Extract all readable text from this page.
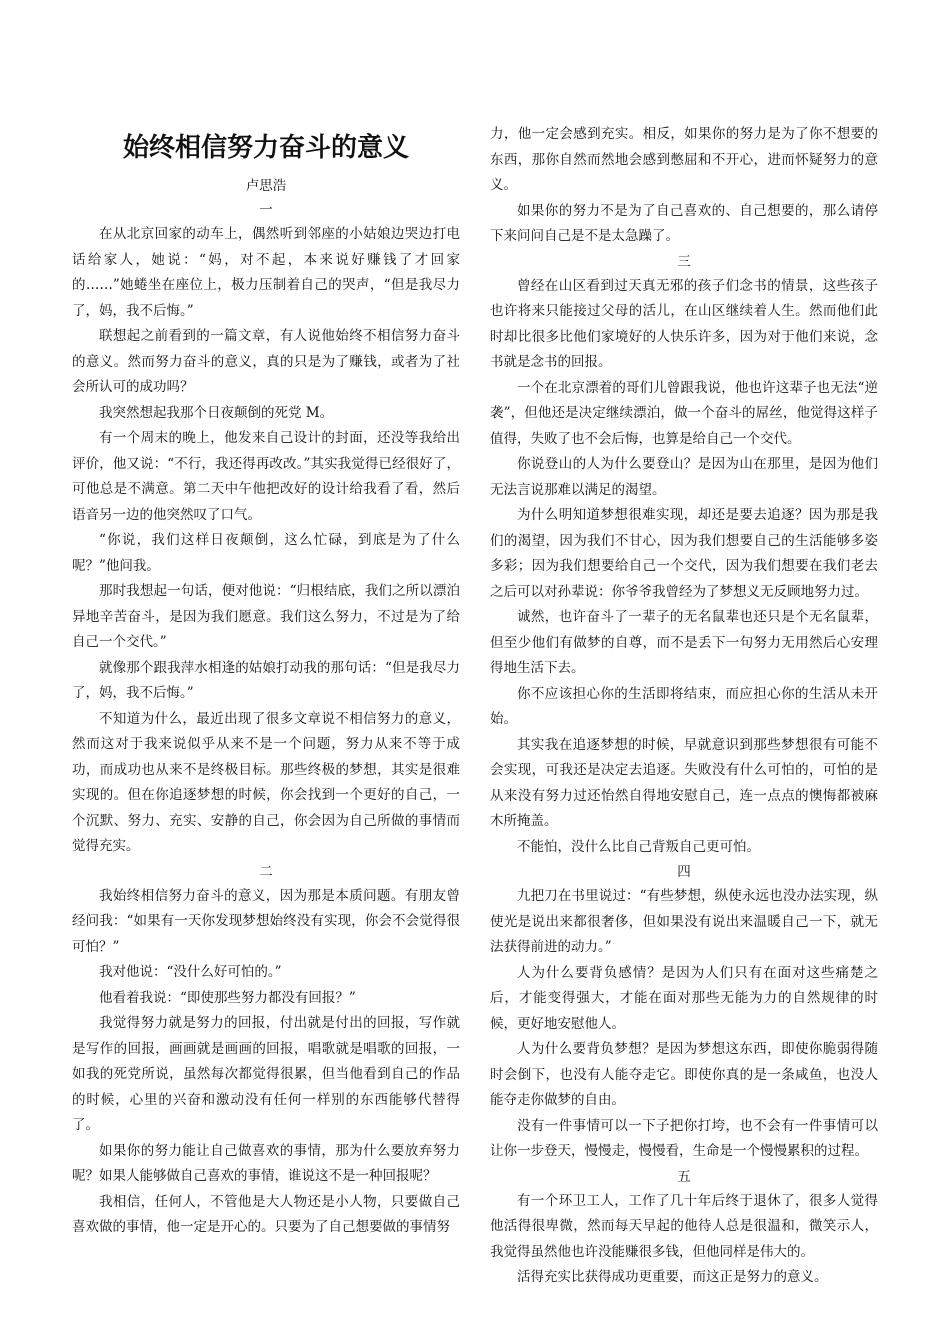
始终相信努力奋斗的意义

卢思浩

一

在从北京回家的动车上，偶然听到邻座的小姑娘边哭边打电话给家人，她说：“妈，对不起，本来说好赚钱了才回家的……”她蜷坐在座位上，极力压制着自己的哭声，“但是我尽力了，妈，我不后悔。”

联想起之前看到的一篇文章，有人说他始终不相信努力奋斗的意义。然而努力奋斗的意义，真的只是为了赚钱，或者为了社会所认可的成功吗？

我突然想起我那个日夜颠倒的死党 M。

有一个周末的晚上，他发来自己设计的封面，还没等我给出评价，他又说：“不行，我还得再改改。”其实我觉得已经很好了，可他总是不满意。第二天中午他把改好的设计给我看了看，然后语音另一边的他突然叹了口气。

“你说，我们这样日夜颠倒，这么忙碌，到底是为了什么呢？”他问我。

那时我想起一句话，便对他说：“归根结底，我们之所以漂泊异地辛苦奋斗，是因为我们愿意。我们这么努力，不过是为了给自己一个交代。”

就像那个跟我萍水相逢的姑娘打动我的那句话：“但是我尽力了，妈，我不后悔。”

不知道为什么，最近出现了很多文章说不相信努力的意义，然而这对于我来说似乎从来不是一个问题，努力从来不等于成功，而成功也从来不是终极目标。那些终极的梦想，其实是很难实现的。但在你追逐梦想的时候，你会找到一个更好的自己，一个沉默、努力、充实、安静的自己，你会因为自己所做的事情而觉得充实。

二

我始终相信努力奋斗的意义，因为那是本质问题。有朋友曾经问我：“如果有一天你发现梦想始终没有实现，你会不会觉得很可怕？”

我对他说：“没什么好可怕的。”

他看着我说：“即使那些努力都没有回报？”

我觉得努力就是努力的回报，付出就是付出的回报，写作就是写作的回报，画画就是画画的回报，唱歌就是唱歌的回报，一如我的死党所说，虽然每次都觉得很累，但当他看到自己的作品的时候，心里的兴奋和激动没有任何一样别的东西能够代替得了。

如果你的努力能让自己做喜欢的事情，那为什么要放弃努力呢？如果人能够做自己喜欢的事情，谁说这不是一种回报呢？

我相信，任何人，不管他是大人物还是小人物，只要做自己喜欢做的事情，他一定是开心的。只要为了自己想要做的事情努

力，他一定会感到充实。相反，如果你的努力是为了你不想要的东西，那你自然而然地会感到憋屈和不开心，进而怀疑努力的意义。

如果你的努力不是为了自己喜欢的、自己想要的，那么请停下来问问自己是不是太急躁了。

三

曾经在山区看到过天真无邪的孩子们念书的情景，这些孩子也许将来只能接过父母的活儿，在山区继续着人生。然而他们此时却比很多比他们家境好的人快乐许多，因为对于他们来说，念书就是念书的回报。

一个在北京漂着的哥们儿曾跟我说，他也许这辈子也无法“逆袭”，但他还是决定继续漂泊，做一个奋斗的屌丝，他觉得这样子值得，失败了也不会后悔，也算是给自己一个交代。

你说登山的人为什么要登山？是因为山在那里，是因为他们无法言说那难以满足的渴望。

为什么明知道梦想很难实现，却还是要去追逐？因为那是我们的渴望，因为我们不甘心，因为我们想要自己的生活能够多姿多彩；因为我们想要给自己一个交代，因为我们想要在我们老去之后可以对孙辈说：你爷爷我曾经为了梦想义无反顾地努力过。

诚然，也许奋斗了一辈子的无名鼠辈也还只是个无名鼠辈，但至少他们有做梦的自尊，而不是丢下一句努力无用然后心安理得地生活下去。

你不应该担心你的生活即将结束，而应担心你的生活从未开始。

其实我在追逐梦想的时候，早就意识到那些梦想很有可能不会实现，可我还是决定去追逐。失败没有什么可怕的，可怕的是从来没有努力过还怡然自得地安慰自己，连一点点的懊悔都被麻木所掩盖。

不能怕，没什么比自己背叛自己更可怕。

四

九把刀在书里说过：“有些梦想，纵使永远也没办法实现，纵使光是说出来都很奢侈，但如果没有说出来温暖自己一下，就无法获得前进的动力。”

人为什么要背负感情？是因为人们只有在面对这些痛楚之后，才能变得强大，才能在面对那些无能为力的自然规律的时候，更好地安慰他人。

人为什么要背负梦想？是因为梦想这东西，即使你脆弱得随时会倒下，也没有人能夺走它。即使你真的是一条咸鱼，也没人能夺走你做梦的自由。

没有一件事情可以一下子把你打垮，也不会有一件事情可以让你一步登天，慢慢走，慢慢看，生命是一个慢慢累积的过程。

五

有一个环卫工人，工作了几十年后终于退休了，很多人觉得他活得很卑微，然而每天早起的他待人总是很温和，微笑示人，我觉得虽然他也许没能赚很多钱，但他同样是伟大的。

活得充实比获得成功更重要，而这正是努力的意义。
